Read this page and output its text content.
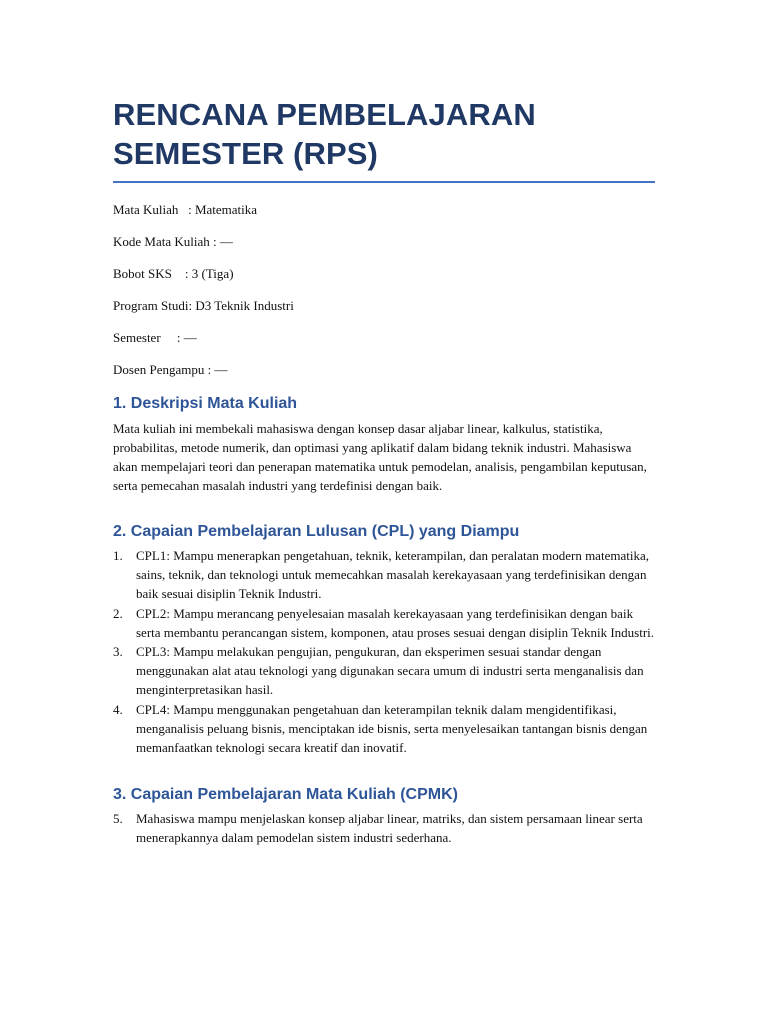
RENCANA PEMBELAJARAN SEMESTER (RPS)
Mata Kuliah   : Matematika
Kode Mata Kuliah : —
Bobot SKS    : 3 (Tiga)
Program Studi: D3 Teknik Industri
Semester     : —
Dosen Pengampu : —
1. Deskripsi Mata Kuliah

Mata kuliah ini membekali mahasiswa dengan konsep dasar aljabar linear, kalkulus, statistika, probabilitas, metode numerik, dan optimasi yang aplikatif dalam bidang teknik industri. Mahasiswa akan mempelajari teori dan penerapan matematika untuk pemodelan, analisis, pengambilan keputusan, serta pemecahan masalah industri yang terdefinisi dengan baik.

2. Capaian Pembelajaran Lulusan (CPL) yang Diampu
1. CPL1: Mampu menerapkan pengetahuan, teknik, keterampilan, dan peralatan modern matematika, sains, teknik, dan teknologi untuk memecahkan masalah kerekayasaan yang terdefinisikan dengan baik sesuai disiplin Teknik Industri.
2. CPL2: Mampu merancang penyelesaian masalah kerekayasaan yang terdefinisikan dengan baik serta membantu perancangan sistem, komponen, atau proses sesuai dengan disiplin Teknik Industri.
3. CPL3: Mampu melakukan pengujian, pengukuran, dan eksperimen sesuai standar dengan menggunakan alat atau teknologi yang digunakan secara umum di industri serta menganalisis dan menginterpretasikan hasil.
4. CPL4: Mampu menggunakan pengetahuan dan keterampilan teknik dalam mengidentifikasi, menganalisis peluang bisnis, menciptakan ide bisnis, serta menyelesaikan tantangan bisnis dengan memanfaatkan teknologi secara kreatif dan inovatif.
3. Capaian Pembelajaran Mata Kuliah (CPMK)
5. Mahasiswa mampu menjelaskan konsep aljabar linear, matriks, dan sistem persamaan linear serta menerapkannya dalam pemodelan sistem industri sederhana.
